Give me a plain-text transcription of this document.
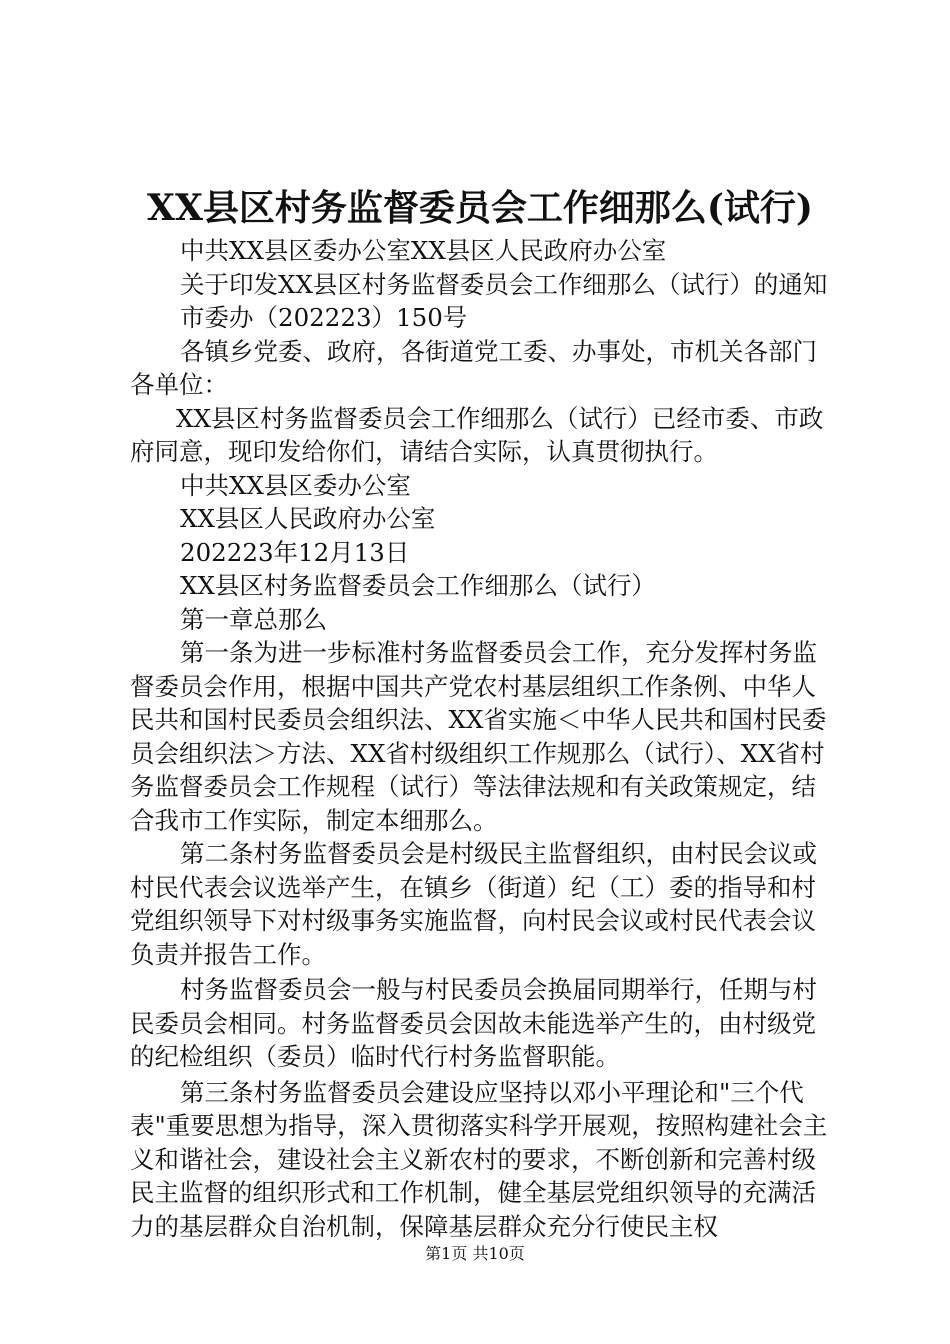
XX县区村务监督委员会工作细那么(试行)

中共XX县区委办公室XX县区人民政府办公室

关于印发XX县区村务监督委员会工作细那么（试行）的通知

市委办（202223）150号

各镇乡党委、政府，各街道党工委、办事处，市机关各部门各单位：

XX县区村务监督委员会工作细那么（试行）已经市委、市政府同意，现印发给你们，请结合实际，认真贯彻执行。

中共XX县区委办公室

XX县区人民政府办公室

202223年12月13日

XX县区村务监督委员会工作细那么（试行）

第一章总那么

第一条为进一步标准村务监督委员会工作，充分发挥村务监督委员会作用，根据中国共产党农村基层组织工作条例、中华人民共和国村民委员会组织法、XX省实施＜中华人民共和国村民委员会组织法＞方法、XX省村级组织工作规那么（试行）、XX省村务监督委员会工作规程（试行）等法律法规和有关政策规定，结合我市工作实际，制定本细那么。

第二条村务监督委员会是村级民主监督组织，由村民会议或村民代表会议选举产生，在镇乡（街道）纪（工）委的指导和村党组织领导下对村级事务实施监督，向村民会议或村民代表会议负责并报告工作。

村务监督委员会一般与村民委员会换届同期举行，任期与村民委员会相同。村务监督委员会因故未能选举产生的，由村级党的纪检组织（委员）临时代行村务监督职能。

第三条村务监督委员会建设应坚持以邓小平理论和"三个代表"重要思想为指导，深入贯彻落实科学开展观，按照构建社会主义和谐社会，建设社会主义新农村的要求，不断创新和完善村级民主监督的组织形式和工作机制，健全基层党组织领导的充满活力的基层群众自治机制，保障基层群众充分行使民主权

第1页 共10页
